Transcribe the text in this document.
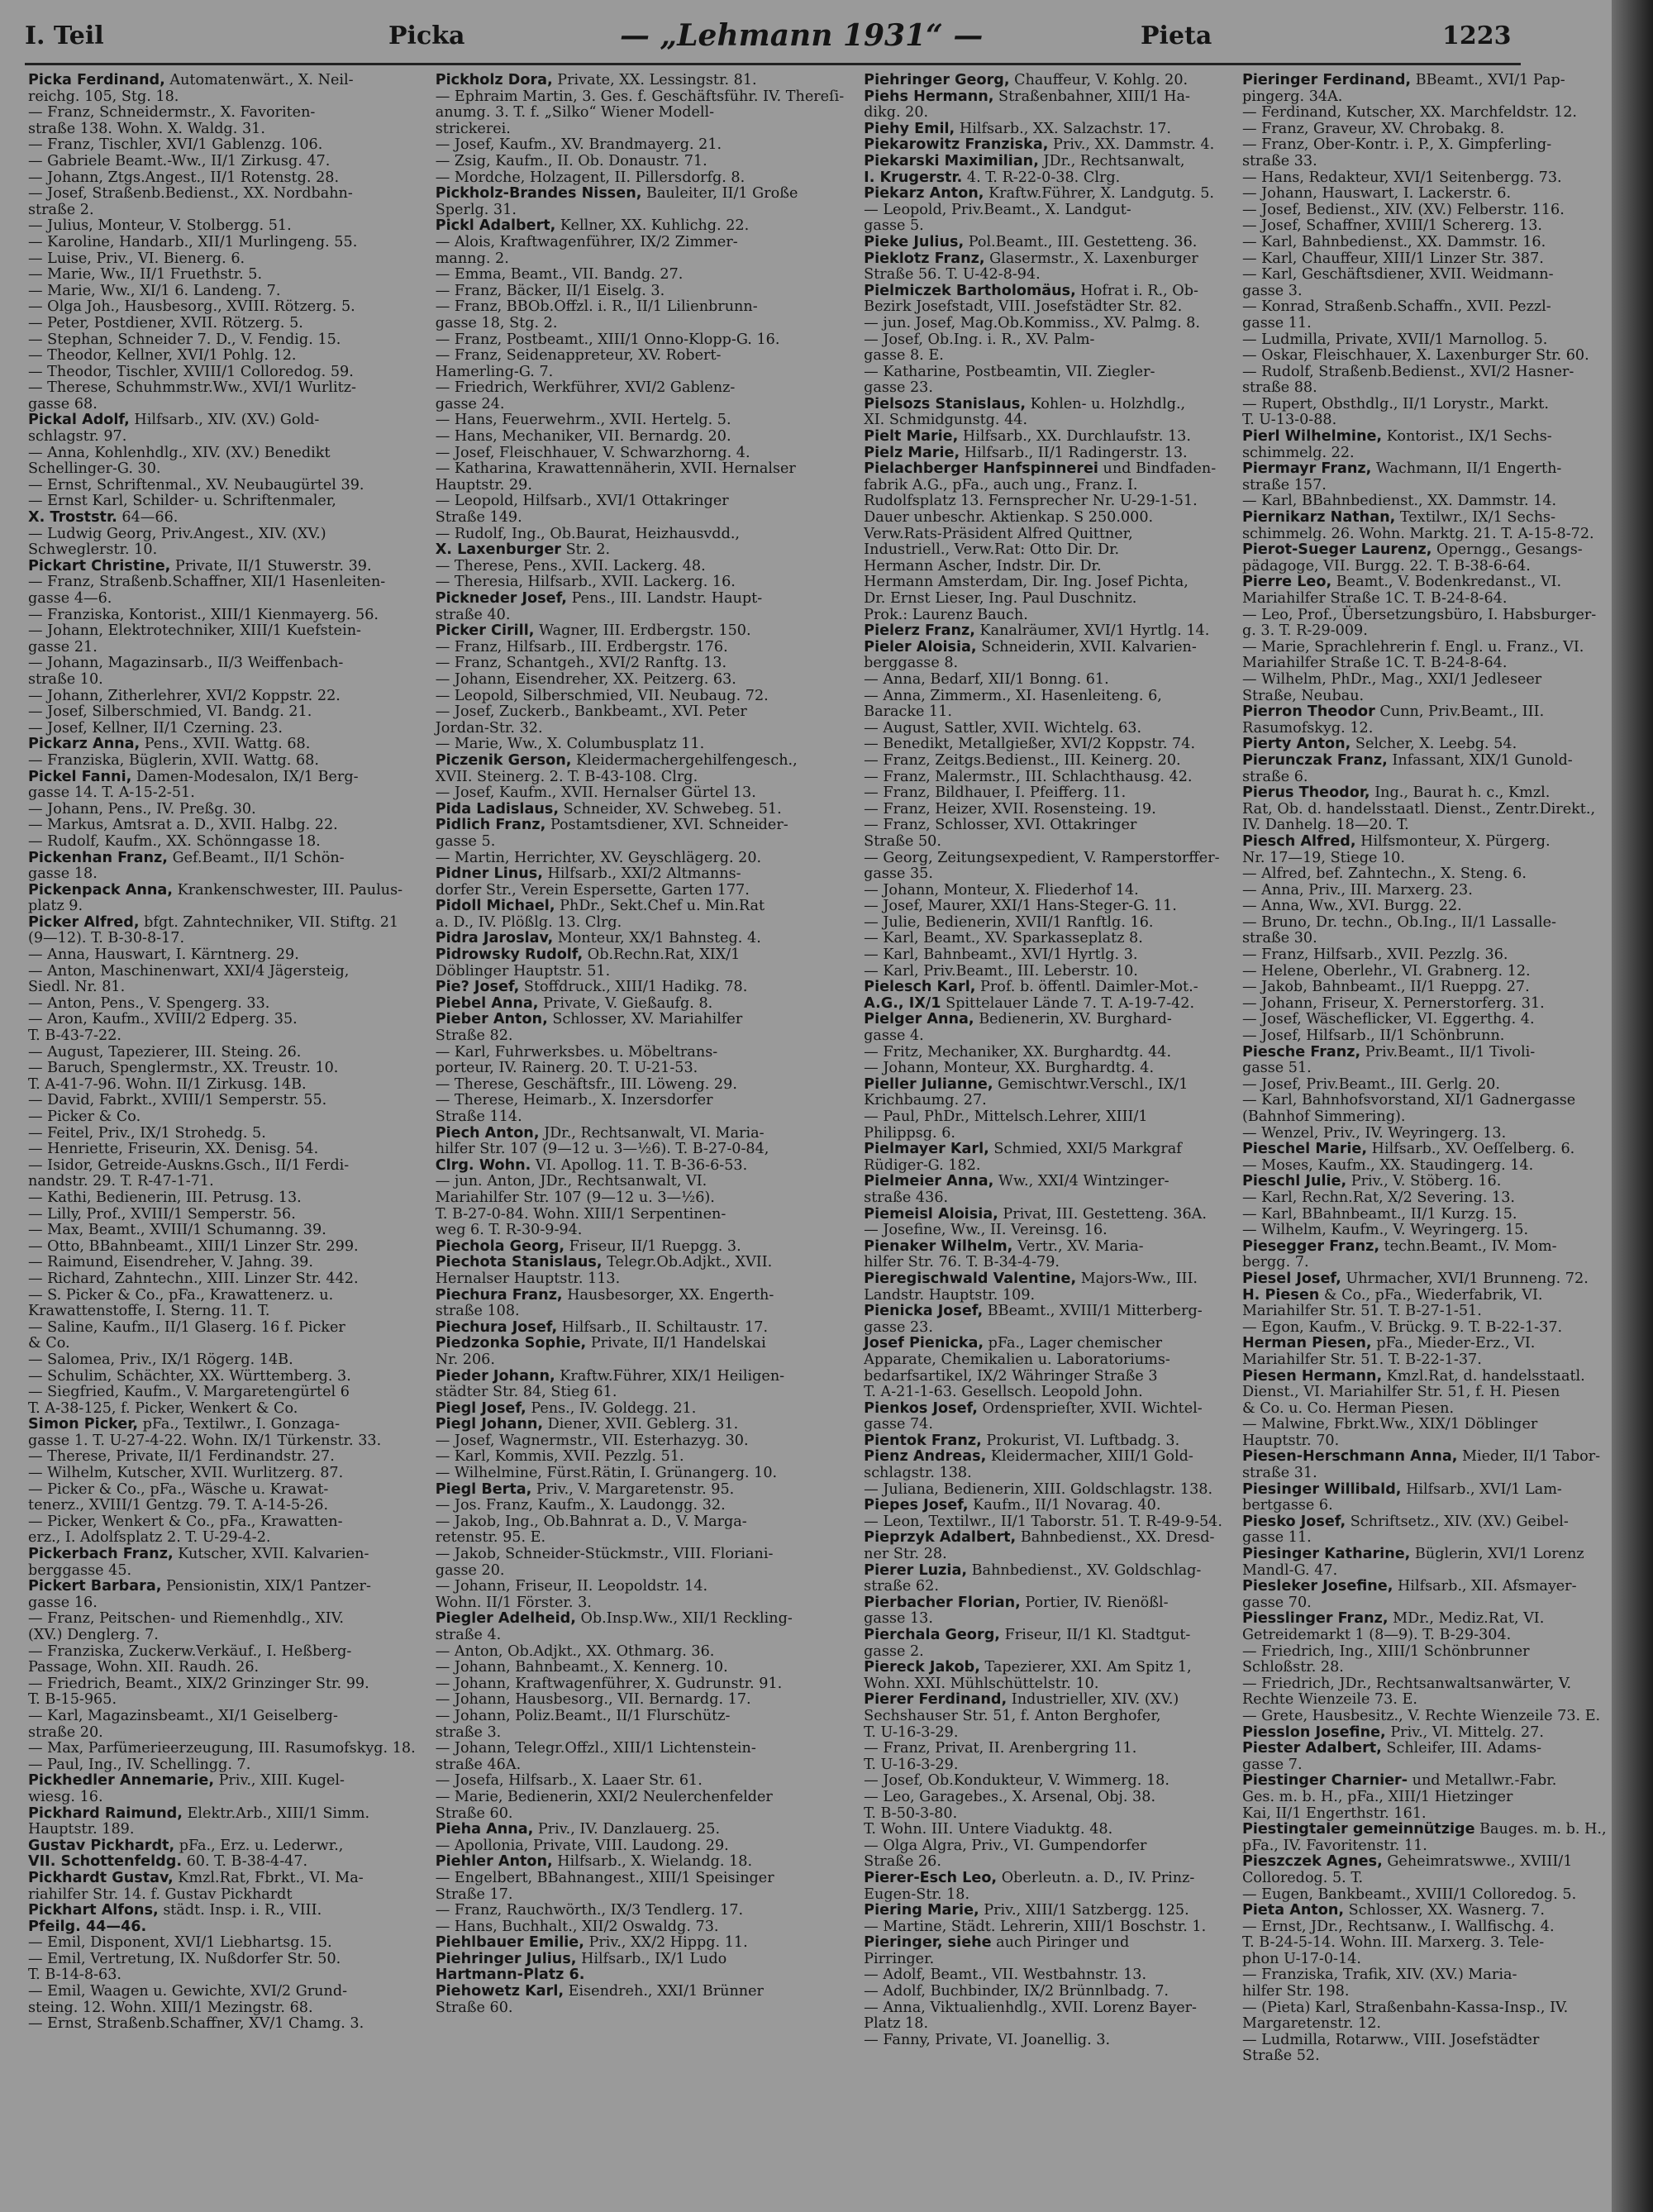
I. Teil	Picka	— „Lehmann 1931“ —	Pieta	1223
Picka Ferdinand, Automatenwärt., X. Neil-
reichg. 105, Stg. 18.
— Franz, Schneidermstr., X. Favoriten-
straße 138. Wohn. X. Waldg. 31.
— Franz, Tischler, XVI/1 Gablenzg. 106.
— Gabriele Beamt.-Ww., II/1 Zirkusg. 47.
— Johann, Ztgs.Angest., II/1 Rotenstg. 28.
— Josef, Straßenb.Bedienst., XX. Nordbahn-
straße 2.
— Julius, Monteur, V. Stolbergg. 51.
— Karoline, Handarb., XII/1 Murlingeng. 55.
— Luise, Priv., VI. Bienerg. 6.
— Marie, Ww., II/1 Fruethstr. 5.
— Marie, Ww., XI/1 6. Landeng. 7.
— Olga Joh., Hausbesorg., XVIII. Rötzerg. 5.
— Peter, Postdiener, XVII. Rötzerg. 5.
— Stephan, Schneider 7. D., V. Fendig. 15.
— Theodor, Kellner, XVI/1 Pohlg. 12.
— Theodor, Tischler, XVIII/1 Colloredog. 59.
— Therese, Schuhmmstr.Ww., XVI/1 Wurlitz-
gasse 68.
Pickal Adolf, Hilfsarb., XIV. (XV.) Gold-
schlagstr. 97.
— Anna, Kohlenhdlg., XIV. (XV.) Benedikt
Schellinger-G. 30.
— Ernst, Schriftenmal., XV. Neubaugürtel 39.
— Ernst Karl, Schilder- u. Schriftenmaler,
X. Troststr. 64—66.
— Ludwig Georg, Priv.Angest., XIV. (XV.)
Schweglerstr. 10.
Pickart Christine, Private, II/1 Stuwerstr. 39.
— Franz, Straßenb.Schaffner, XII/1 Hasenleiten-
gasse 4—6.
— Franziska, Kontorist., XIII/1 Kienmayerg. 56.
— Johann, Elektrotechniker, XIII/1 Kuefstein-
gasse 21.
— Johann, Magazinsarb., II/3 Weiffenbach-
straße 10.
— Johann, Zitherlehrer, XVI/2 Koppstr. 22.
— Josef, Silberschmied, VI. Bandg. 21.
— Josef, Kellner, II/1 Czerning. 23.
Pickarz Anna, Pens., XVII. Wattg. 68.
— Franziska, Büglerin, XVII. Wattg. 68.
Pickel Fanni, Damen-Modesalon, IX/1 Berg-
gasse 14. T. A-15-2-51.
— Johann, Pens., IV. Preßg. 30.
— Markus, Amtsrat a. D., XVII. Halbg. 22.
— Rudolf, Kaufm., XX. Schönngasse 18.
Pickenhan Franz, Gef.Beamt., II/1 Schön-
gasse 18.
Pickenpack Anna, Krankenschwester, III. Paulus-
platz 9.
Picker Alfred, bfgt. Zahntechniker, VII. Stiftg. 21
(9—12). T. B-30-8-17.
— Anna, Hauswart, I. Kärntnerg. 29.
— Anton, Maschinenwart, XXI/4 Jägersteig,
Siedl. Nr. 81.
— Anton, Pens., V. Spengerg. 33.
— Aron, Kaufm., XVIII/2 Edperg. 35.
T. B-43-7-22.
— August, Tapezierer, III. Steing. 26.
— Baruch, Spenglermstr., XX. Treustr. 10.
T. A-41-7-96. Wohn. II/1 Zirkusg. 14B.
— David, Fabrkt., XVIII/1 Semperstr. 55.
— Picker & Co.
— Feitel, Priv., IX/1 Strohedg. 5.
— Henriette, Friseurin, XX. Denisg. 54.
— Isidor, Getreide-Auskns.Gsch., II/1 Ferdi-
nandstr. 29. T. R-47-1-71.
— Kathi, Bedienerin, III. Petrusg. 13.
— Lilly, Prof., XVIII/1 Semperstr. 56.
— Max, Beamt., XVIII/1 Schumanng. 39.
— Otto, BBahnbeamt., XIII/1 Linzer Str. 299.
— Raimund, Eisendreher, V. Jahng. 39.
— Richard, Zahntechn., XIII. Linzer Str. 442.
— S. Picker & Co., pFa., Krawattenerz. u.
Krawattenstoffe, I. Sterng. 11. T.
— Saline, Kaufm., II/1 Glaserg. 16 f. Picker
& Co.
— Salomea, Priv., IX/1 Rögerg. 14B.
— Schulim, Schächter, XX. Württemberg. 3.
— Siegfried, Kaufm., V. Margaretengürtel 6
T. A-38-125, f. Picker, Wenkert & Co.
Simon Picker, pFa., Textilwr., I. Gonzaga-
gasse 1. T. U-27-4-22. Wohn. IX/1 Türkenstr. 33.
— Therese, Private, II/1 Ferdinandstr. 27.
— Wilhelm, Kutscher, XVII. Wurlitzerg. 87.
— Picker & Co., pFa., Wäsche u. Krawat-
tenerz., XVIII/1 Gentzg. 79. T. A-14-5-26.
— Picker, Wenkert & Co., pFa., Krawatten-
erz., I. Adolfsplatz 2. T. U-29-4-2.
Pickerbach Franz, Kutscher, XVII. Kalvarien-
berggasse 45.
Pickert Barbara, Pensionistin, XIX/1 Pantzer-
gasse 16.
— Franz, Peitschen- und Riemenhdlg., XIV.
(XV.) Denglerg. 7.
— Franziska, Zuckerw.Verkäuf., I. Heßberg-
Passage, Wohn. XII. Raudh. 26.
— Friedrich, Beamt., XIX/2 Grinzinger Str. 99.
T. B-15-965.
— Karl, Magazinsbeamt., XI/1 Geiselberg-
straße 20.
— Max, Parfümerieerzeugung, III. Rasumofskyg. 18.
— Paul, Ing., IV. Schellingg. 7.
Pickhedler Annemarie, Priv., XIII. Kugel-
wiesg. 16.
Pickhard Raimund, Elektr.Arb., XIII/1 Simm.
Hauptstr. 189.
Gustav Pickhardt, pFa., Erz. u. Lederwr.,
VII. Schottenfeldg. 60. T. B-38-4-47.
Pickhardt Gustav, Kmzl.Rat, Fbrkt., VI. Ma-
riahilfer Str. 14. f. Gustav Pickhardt
Pickhart Alfons, städt. Insp. i. R., VIII.
Pfeilg. 44—46.
— Emil, Disponent, XVI/1 Liebhartsg. 15.
— Emil, Vertretung, IX. Nußdorfer Str. 50.
T. B-14-8-63.
— Emil, Waagen u. Gewichte, XVI/2 Grund-
steing. 12. Wohn. XIII/1 Mezingstr. 68.
— Ernst, Straßenb.Schaffner, XV/1 Chamg. 3.
Pickholz Dora, Private, XX. Lessingstr. 81.
— Ephraim Martin, 3. Ges. f. Geschäftsführ. IV. Thereſi-
anumg. 3. T. f. „Silko“ Wiener Modell-
strickerei.
— Josef, Kaufm., XV. Brandmayerg. 21.
— Zsig, Kaufm., II. Ob. Donaustr. 71.
— Mordche, Holzagent, II. Pillersdorfg. 8.
Pickholz-Brandes Nissen, Bauleiter, II/1 Große
Sperlg. 31.
Pickl Adalbert, Kellner, XX. Kuhlichg. 22.
— Alois, Kraftwagenführer, IX/2 Zimmer-
manng. 2.
— Emma, Beamt., VII. Bandg. 27.
— Franz, Bäcker, II/1 Eiselg. 3.
— Franz, BBOb.Offzl. i. R., II/1 Lilienbrunn-
gasse 18, Stg. 2.
— Franz, Postbeamt., XIII/1 Onno-Klopp-G. 16.
— Franz, Seidenappreteur, XV. Robert-
Hamerling-G. 7.
— Friedrich, Werkführer, XVI/2 Gablenz-
gasse 24.
— Hans, Feuerwehrm., XVII. Hertelg. 5.
— Hans, Mechaniker, VII. Bernardg. 20.
— Josef, Fleischhauer, V. Schwarzhorng. 4.
— Katharina, Krawattennäherin, XVII. Hernalser
Hauptstr. 29.
— Leopold, Hilfsarb., XVI/1 Ottakringer
Straße 149.
— Rudolf, Ing., Ob.Baurat, Heizhausvdd.,
X. Laxenburger Str. 2.
— Therese, Pens., XVII. Lackerg. 48.
— Theresia, Hilfsarb., XVII. Lackerg. 16.
Pickneder Josef, Pens., III. Landstr. Haupt-
straße 40.
Picker Cirill, Wagner, III. Erdbergstr. 150.
— Franz, Hilfsarb., III. Erdbergstr. 176.
— Franz, Schantgeh., XVI/2 Ranftg. 13.
— Johann, Eisendreher, XX. Peitzerg. 63.
— Leopold, Silberschmied, VII. Neubaug. 72.
— Josef, Zuckerb., Bankbeamt., XVI. Peter
Jordan-Str. 32.
— Marie, Ww., X. Columbusplatz 11.
Piczenik Gerson, Kleidermachergehilfengesch.,
XVII. Steinerg. 2. T. B-43-108. Clrg.
— Josef, Kaufm., XVII. Hernalser Gürtel 13.
Pida Ladislaus, Schneider, XV. Schwebeg. 51.
Pidlich Franz, Postamtsdiener, XVI. Schneider-
gasse 5.
— Martin, Herrichter, XV. Geyschlägerg. 20.
Pidner Linus, Hilfsarb., XXI/2 Altmanns-
dorfer Str., Verein Espersette, Garten 177.
Pidoll Michael, PhDr., Sekt.Chef u. Min.Rat
a. D., IV. Plößlg. 13. Clrg.
Pidra Jaroslav, Monteur, XX/1 Bahnsteg. 4.
Pidrowsky Rudolf, Ob.Rechn.Rat, XIX/1
Döblinger Hauptstr. 51.
Pie? Josef, Stoffdruck., XIII/1 Hadikg. 78.
Piebel Anna, Private, V. Gießaufg. 8.
Pieber Anton, Schlosser, XV. Mariahilfer
Straße 82.
— Karl, Fuhrwerksbes. u. Möbeltrans-
porteur, IV. Rainerg. 20. T. U-21-53.
— Therese, Geschäftsfr., III. Löweng. 29.
— Therese, Heimarb., X. Inzersdorfer
Straße 114.
Piech Anton, JDr., Rechtsanwalt, VI. Maria-
hilfer Str. 107 (9—12 u. 3—½6). T. B-27-0-84,
Clrg. Wohn. VI. Apollog. 11. T. B-36-6-53.
— jun. Anton, JDr., Rechtsanwalt, VI.
Mariahilfer Str. 107 (9—12 u. 3—½6).
T. B-27-0-84. Wohn. XIII/1 Serpentinen-
weg 6. T. R-30-9-94.
Piechola Georg, Friseur, II/1 Ruepgg. 3.
Piechota Stanislaus, Telegr.Ob.Adjkt., XVII.
Hernalser Hauptstr. 113.
Piechura Franz, Hausbesorger, XX. Engerth-
straße 108.
Piechura Josef, Hilfsarb., II. Schiltaustr. 17.
Piedzonka Sophie, Private, II/1 Handelskai
Nr. 206.
Pieder Johann, Kraftw.Führer, XIX/1 Heiligen-
städter Str. 84, Stieg 61.
Piegl Josef, Pens., IV. Goldegg. 21.
Piegl Johann, Diener, XVII. Geblerg. 31.
— Josef, Wagnermstr., VII. Esterhazyg. 30.
— Karl, Kommis, XVII. Pezzlg. 51.
— Wilhelmine, Fürst.Rätin, I. Grünangerg. 10.
Piegl Berta, Priv., V. Margaretenstr. 95.
— Jos. Franz, Kaufm., X. Laudongg. 32.
— Jakob, Ing., Ob.Bahnrat a. D., V. Marga-
retenstr. 95. E.
— Jakob, Schneider-Stückmstr., VIII. Floriani-
gasse 20.
— Johann, Friseur, II. Leopoldstr. 14.
Wohn. II/1 Förster. 3.
Piegler Adelheid, Ob.Insp.Ww., XII/1 Reckling-
straße 4.
— Anton, Ob.Adjkt., XX. Othmarg. 36.
— Johann, Bahnbeamt., X. Kennerg. 10.
— Johann, Kraftwagenführer, X. Gudrunstr. 91.
— Johann, Hausbesorg., VII. Bernardg. 17.
— Johann, Poliz.Beamt., II/1 Flurschütz-
straße 3.
— Johann, Telegr.Offzl., XIII/1 Lichtenstein-
straße 46A.
— Josefa, Hilfsarb., X. Laaer Str. 61.
— Marie, Bedienerin, XXI/2 Neulerchenfelder
Straße 60.
Pieha Anna, Priv., IV. Danzlauerg. 25.
— Apollonia, Private, VIII. Laudong. 29.
Piehler Anton, Hilfsarb., X. Wielandg. 18.
— Engelbert, BBahnangest., XIII/1 Speisinger
Straße 17.
— Franz, Rauchwörth., IX/3 Tendlerg. 17.
— Hans, Buchhalt., XII/2 Oswaldg. 73.
Piehlbauer Emilie, Priv., XX/2 Hippg. 11.
Piehringer Julius, Hilfsarb., IX/1 Ludo
Hartmann-Platz 6.
Piehowetz Karl, Eisendreh., XXI/1 Brünner
Straße 60.
Piehringer Georg, Chauffeur, V. Kohlg. 20.
Piehs Hermann, Straßenbahner, XIII/1 Ha-
dikg. 20.
Piehy Emil, Hilfsarb., XX. Salzachstr. 17.
Piekarowitz Franziska, Priv., XX. Dammstr. 4.
Piekarski Maximilian, JDr., Rechtsanwalt,
I. Krugerstr. 4. T. R-22-0-38. Clrg.
Piekarz Anton, Kraftw.Führer, X. Landgutg. 5.
— Leopold, Priv.Beamt., X. Landgut-
gasse 5.
Pieke Julius, Pol.Beamt., III. Gestetteng. 36.
Pieklotz Franz, Glasermstr., X. Laxenburger
Straße 56. T. U-42-8-94.
Pielmiczek Bartholomäus, Hofrat i. R., Ob-
Bezirk Josefstadt, VIII. Josefstädter Str. 82.
— jun. Josef, Mag.Ob.Kommiss., XV. Palmg. 8.
— Josef, Ob.Ing. i. R., XV. Palm-
gasse 8. E.
— Katharine, Postbeamtin, VII. Ziegler-
gasse 23.
Pielsozs Stanislaus, Kohlen- u. Holzhdlg.,
XI. Schmidgunstg. 44.
Pielt Marie, Hilfsarb., XX. Durchlaufstr. 13.
Pielz Marie, Hilfsarb., II/1 Radingerstr. 13.
Pielachberger Hanfspinnerei und Bindfaden-
fabrik A.G., pFa., auch ung., Franz. I.
Rudolfsplatz 13. Fernsprecher Nr. U-29-1-51.
Dauer unbeschr. Aktienkap. S 250.000.
Verw.Rats-Präsident Alfred Quittner,
Industriell., Verw.Rat: Otto Dir. Dr.
Hermann Ascher, Indstr. Dir. Dr.
Hermann Amsterdam, Dir. Ing. Josef Pichta,
Dr. Ernst Lieser, Ing. Paul Duschnitz.
Prok.: Laurenz Bauch.
Pielerz Franz, Kanalräumer, XVI/1 Hyrtlg. 14.
Pieler Aloisia, Schneiderin, XVII. Kalvarien-
berggasse 8.
— Anna, Bedarf, XII/1 Bonng. 61.
— Anna, Zimmerm., XI. Hasenleiteng. 6,
Baracke 11.
— August, Sattler, XVII. Wichtelg. 63.
— Benedikt, Metallgießer, XVI/2 Koppstr. 74.
— Franz, Zeitgs.Bedienst., III. Keinerg. 20.
— Franz, Malermstr., III. Schlachthausg. 42.
— Franz, Bildhauer, I. Pfeifferg. 11.
— Franz, Heizer, XVII. Rosensteing. 19.
— Franz, Schlosser, XVI. Ottakringer
Straße 50.
— Georg, Zeitungsexpedient, V. Ramperstorffer-
gasse 35.
— Johann, Monteur, X. Fliederhof 14.
— Josef, Maurer, XXI/1 Hans-Steger-G. 11.
— Julie, Bedienerin, XVII/1 Ranftlg. 16.
— Karl, Beamt., XV. Sparkasseplatz 8.
— Karl, Bahnbeamt., XVI/1 Hyrtlg. 3.
— Karl, Priv.Beamt., III. Leberstr. 10.
Pielesch Karl, Prof. b. öffentl. Daimler-Mot.-
A.G., IX/1 Spittelauer Lände 7. T. A-19-7-42.
Pielger Anna, Bedienerin, XV. Burghard-
gasse 4.
— Fritz, Mechaniker, XX. Burghardtg. 44.
— Johann, Monteur, XX. Burghardtg. 4.
Pieller Julianne, Gemischtwr.Verschl., IX/1
Krichbaumg. 27.
— Paul, PhDr., Mittelsch.Lehrer, XIII/1
Philippsg. 6.
Pielmayer Karl, Schmied, XXI/5 Markgraf
Rüdiger-G. 182.
Pielmeier Anna, Ww., XXI/4 Wintzinger-
straße 436.
Piemeisl Aloisia, Privat, III. Gestetteng. 36A.
— Josefine, Ww., II. Vereinsg. 16.
Pienaker Wilhelm, Vertr., XV. Maria-
hilfer Str. 76. T. B-34-4-79.
Pieregischwald Valentine, Majors-Ww., III.
Landstr. Hauptstr. 109.
Pienicka Josef, BBeamt., XVIII/1 Mitterberg-
gasse 23.
Josef Pienicka, pFa., Lager chemischer
Apparate, Chemikalien u. Laboratoriums-
bedarfsartikel, IX/2 Währinger Straße 3
T. A-21-1-63. Gesellsch. Leopold John.
Pienkos Josef, Ordensprieſter, XVII. Wichtel-
gasse 74.
Pientok Franz, Prokurist, VI. Luftbadg. 3.
Pienz Andreas, Kleidermacher, XIII/1 Gold-
schlagstr. 138.
— Juliana, Bedienerin, XIII. Goldschlagstr. 138.
Piepes Josef, Kaufm., II/1 Novarag. 40.
— Leon, Textilwr., II/1 Taborstr. 51. T. R-49-9-54.
Pieprzyk Adalbert, Bahnbedienst., XX. Dresd-
ner Str. 28.
Pierer Luzia, Bahnbedienst., XV. Goldschlag-
straße 62.
Pierbacher Florian, Portier, IV. Rienößl-
gasse 13.
Pierchala Georg, Friseur, II/1 Kl. Stadtgut-
gasse 2.
Piereck Jakob, Tapezierer, XXI. Am Spitz 1,
Wohn. XXI. Mühlschüttelstr. 10.
Pierer Ferdinand, Industrieller, XIV. (XV.)
Sechshauser Str. 51, f. Anton Berghofer,
T. U-16-3-29.
— Franz, Privat, II. Arenbergring 11.
T. U-16-3-29.
— Josef, Ob.Kondukteur, V. Wimmerg. 18.
— Leo, Garagebes., X. Arsenal, Obj. 38.
T. B-50-3-80.
T. Wohn. III. Untere Viaduktg. 48.
— Olga Algra, Priv., VI. Gumpendorfer
Straße 26.
Pierer-Esch Leo, Oberleutn. a. D., IV. Prinz-
Eugen-Str. 18.
Piering Marie, Priv., XIII/1 Satzbergg. 125.
— Martine, Städt. Lehrerin, XIII/1 Boschstr. 1.
Pieringer, siehe auch Piringer und
Pirringer.
— Adolf, Beamt., VII. Westbahnstr. 13.
— Adolf, Buchbinder, IX/2 Brünnlbadg. 7.
— Anna, Viktualienhdlg., XVII. Lorenz Bayer-
Platz 18.
— Fanny, Private, VI. Joanellig. 3.
Pieringer Ferdinand, BBeamt., XVI/1 Pap-
pingerg. 34A.
— Ferdinand, Kutscher, XX. Marchfeldstr. 12.
— Franz, Graveur, XV. Chrobakg. 8.
— Franz, Ober-Kontr. i. P., X. Gimpferling-
straße 33.
— Hans, Redakteur, XVI/1 Seitenbergg. 73.
— Johann, Hauswart, I. Lackerstr. 6.
— Josef, Bedienst., XIV. (XV.) Felberstr. 116.
— Josef, Schaffner, XVIII/1 Schererg. 13.
— Karl, Bahnbedienst., XX. Dammstr. 16.
— Karl, Chauffeur, XIII/1 Linzer Str. 387.
— Karl, Geschäftsdiener, XVII. Weidmann-
gasse 3.
— Konrad, Straßenb.Schaffn., XVII. Pezzl-
gasse 11.
— Ludmilla, Private, XVII/1 Marnollog. 5.
— Oskar, Fleischhauer, X. Laxenburger Str. 60.
— Rudolf, Straßenb.Bedienst., XVI/2 Hasner-
straße 88.
— Rupert, Obsthdlg., II/1 Lorystr., Markt.
T. U-13-0-88.
Pierl Wilhelmine, Kontorist., IX/1 Sechs-
schimmelg. 22.
Piermayr Franz, Wachmann, II/1 Engerth-
straße 157.
— Karl, BBahnbedienst., XX. Dammstr. 14.
Piernikarz Nathan, Textilwr., IX/1 Sechs-
schimmelg. 26. Wohn. Marktg. 21. T. A-15-8-72.
Pierot-Sueger Laurenz, Operngg., Gesangs-
pädagoge, VII. Burgg. 22. T. B-38-6-64.
Pierre Leo, Beamt., V. Bodenkredanst., VI.
Mariahilfer Straße 1C. T. B-24-8-64.
— Leo, Prof., Übersetzungsbüro, I. Habsburger-
g. 3. T. R-29-009.
— Marie, Sprachlehrerin f. Engl. u. Franz., VI.
Mariahilfer Straße 1C. T. B-24-8-64.
— Wilhelm, PhDr., Mag., XXI/1 Jedleseer
Straße, Neubau.
Pierron Theodor Cunn, Priv.Beamt., III.
Rasumofskyg. 12.
Pierty Anton, Selcher, X. Leebg. 54.
Pierunczak Franz, Infassant, XIX/1 Gunold-
straße 6.
Pierus Theodor, Ing., Baurat h. c., Kmzl.
Rat, Ob. d. handelsstaatl. Dienst., Zentr.Direkt.,
IV. Danhelg. 18—20. T.
Piesch Alfred, Hilfsmonteur, X. Pürgerg.
Nr. 17—19, Stiege 10.
— Alfred, bef. Zahntechn., X. Steng. 6.
— Anna, Priv., III. Marxerg. 23.
— Anna, Ww., XVI. Burgg. 22.
— Bruno, Dr. techn., Ob.Ing., II/1 Lassalle-
straße 30.
— Franz, Hilfsarb., XVII. Pezzlg. 36.
— Helene, Oberlehr., VI. Grabnerg. 12.
— Jakob, Bahnbeamt., II/1 Rueppg. 27.
— Johann, Friseur, X. Pernerstorferg. 31.
— Josef, Wäscheflicker, VI. Eggerthg. 4.
— Josef, Hilfsarb., II/1 Schönbrunn.
Piesche Franz, Priv.Beamt., II/1 Tivoli-
gasse 51.
— Josef, Priv.Beamt., III. Gerlg. 20.
— Karl, Bahnhofsvorstand, XI/1 Gadnergasse
(Bahnhof Simmering).
— Wenzel, Priv., IV. Weyringerg. 13.
Pieschel Marie, Hilfsarb., XV. Oeſſelberg. 6.
— Moses, Kaufm., XX. Staudingerg. 14.
Pieschl Julie, Priv., V. Stöberg. 16.
— Karl, Rechn.Rat, X/2 Severing. 13.
— Karl, BBahnbeamt., II/1 Kurzg. 15.
— Wilhelm, Kaufm., V. Weyringerg. 15.
Piesegger Franz, techn.Beamt., IV. Mom-
bergg. 7.
Piesel Josef, Uhrmacher, XVI/1 Brunneng. 72.
H. Piesen & Co., pFa., Wiederfabrik, VI.
Mariahilfer Str. 51. T. B-27-1-51.
— Egon, Kaufm., V. Brückg. 9. T. B-22-1-37.
Herman Piesen, pFa., Mieder-Erz., VI.
Mariahilfer Str. 51. T. B-22-1-37.
Piesen Hermann, Kmzl.Rat, d. handelsstaatl.
Dienst., VI. Mariahilfer Str. 51, f. H. Piesen
& Co. u. Co. Herman Piesen.
— Malwine, Fbrkt.Ww., XIX/1 Döblinger
Hauptstr. 70.
Piesen-Herschmann Anna, Mieder, II/1 Tabor-
straße 31.
Piesinger Willibald, Hilfsarb., XVI/1 Lam-
bertgasse 6.
Piesko Josef, Schriftsetz., XIV. (XV.) Geibel-
gasse 11.
Piesinger Katharine, Büglerin, XVI/1 Lorenz
Mandl-G. 47.
Piesleker Josefine, Hilfsarb., XII. Afsmayer-
gasse 70.
Piesslinger Franz, MDr., Mediz.Rat, VI.
Getreidemarkt 1 (8—9). T. B-29-304.
— Friedrich, Ing., XIII/1 Schönbrunner
Schloßstr. 28.
— Friedrich, JDr., Rechtsanwaltsanwärter, V.
Rechte Wienzeile 73. E.
— Grete, Hausbesitz., V. Rechte Wienzeile 73. E.
Piesslon Josefine, Priv., VI. Mittelg. 27.
Piester Adalbert, Schleifer, III. Adams-
gasse 7.
Piestinger Charnier- und Metallwr.-Fabr.
Ges. m. b. H., pFa., XIII/1 Hietzinger
Kai, II/1 Engerthstr. 161.
Piestingtaler gemeinnützige Bauges. m. b. H.,
pFa., IV. Favoritenstr. 11.
Pieszczek Agnes, Geheimratswwe., XVIII/1
Colloredog. 5. T.
— Eugen, Bankbeamt., XVIII/1 Colloredog. 5.
Pieta Anton, Schlosser, XX. Wasnerg. 7.
— Ernst, JDr., Rechtsanw., I. Wallfischg. 4.
T. B-24-5-14. Wohn. III. Marxerg. 3. Tele-
phon U-17-0-14.
— Franziska, Trafik, XIV. (XV.) Maria-
hilfer Str. 198.
— (Pieta) Karl, Straßenbahn-Kassa-Insp., IV.
Margaretenstr. 12.
— Ludmilla, Rotarww., VIII. Josefstädter
Straße 52.
